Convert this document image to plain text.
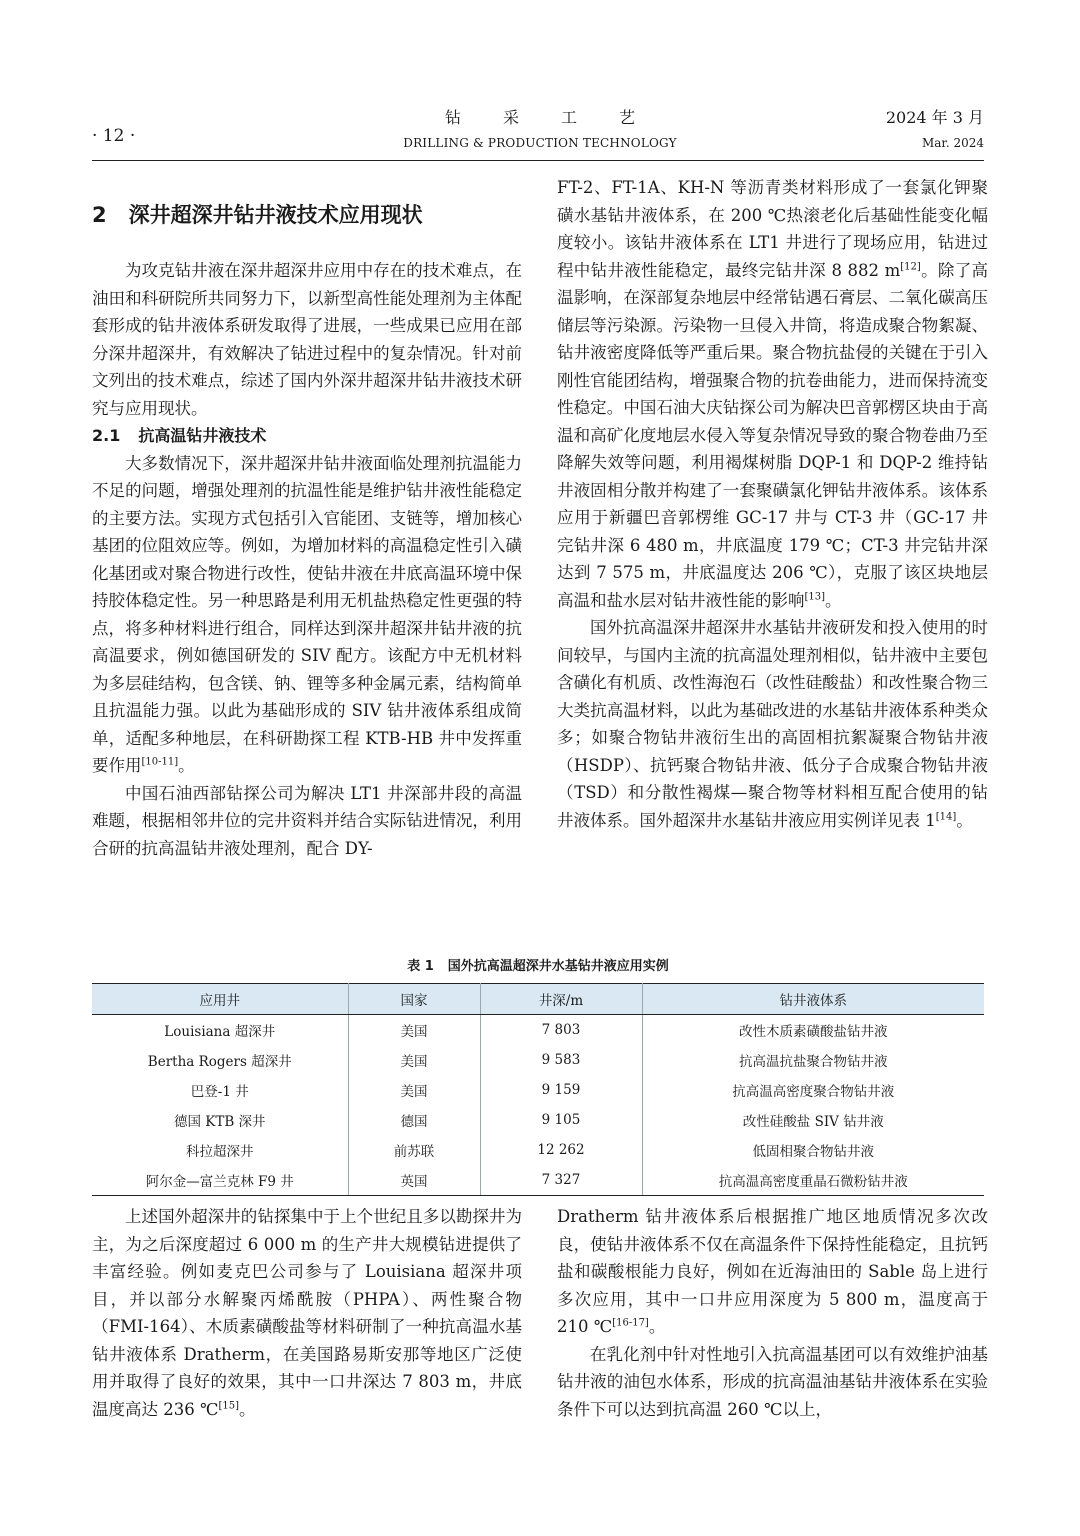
· 12 ·
钻采工艺
DRILLING & PRODUCTION TECHNOLOGY
2024 年 3 月
Mar. 2024
2 深井超深井钻井液技术应用现状

为攻克钻井液在深井超深井应用中存在的技术难点，在油田和科研院所共同努力下，以新型高性能处理剂为主体配套形成的钻井液体系研发取得了进展，一些成果已应用在部分深井超深井，有效解决了钻进过程中的复杂情况。针对前文列出的技术难点，综述了国内外深井超深井钻井液技术研究与应用现状。

2.1 抗高温钻井液技术

大多数情况下，深井超深井钻井液面临处理剂抗温能力不足的问题，增强处理剂的抗温性能是维护钻井液性能稳定的主要方法。实现方式包括引入官能团、支链等，增加核心基团的位阻效应等。例如，为增加材料的高温稳定性引入磺化基团或对聚合物进行改性，使钻井液在井底高温环境中保持胶体稳定性。另一种思路是利用无机盐热稳定性更强的特点，将多种材料进行组合，同样达到深井超深井钻井液的抗高温要求，例如德国研发的 SIV 配方。该配方中无机材料为多层硅结构，包含镁、钠、锂等多种金属元素，结构简单且抗温能力强。以此为基础形成的 SIV 钻井液体系组成简单，适配多种地层，在科研勘探工程 KTB-HB 井中发挥重要作用[10-11]。

中国石油西部钻探公司为解决 LT1 井深部井段的高温难题，根据相邻井位的完井资料并结合实际钻进情况，利用合研的抗高温钻井液处理剂，配合 DY-

FT-2、FT-1A、KH-N 等沥青类材料形成了一套氯化钾聚磺水基钻井液体系，在 200 ℃热滚老化后基础性能变化幅度较小。该钻井液体系在 LT1 井进行了现场应用，钻进过程中钻井液性能稳定，最终完钻井深 8 882 m[12]。除了高温影响，在深部复杂地层中经常钻遇石膏层、二氧化碳高压储层等污染源。污染物一旦侵入井筒，将造成聚合物絮凝、钻井液密度降低等严重后果。聚合物抗盐侵的关键在于引入刚性官能团结构，增强聚合物的抗卷曲能力，进而保持流变性稳定。中国石油大庆钻探公司为解决巴音郭楞区块由于高温和高矿化度地层水侵入等复杂情况导致的聚合物卷曲乃至降解失效等问题，利用褐煤树脂 DQP-1 和 DQP-2 维持钻井液固相分散并构建了一套聚磺氯化钾钻井液体系。该体系应用于新疆巴音郭楞维 GC-17 井与 CT-3 井（GC-17 井完钻井深 6 480 m，井底温度 179 ℃；CT-3 井完钻井深达到 7 575 m，井底温度达 206 ℃），克服了该区块地层高温和盐水层对钻井液性能的影响[13]。

国外抗高温深井超深井水基钻井液研发和投入使用的时间较早，与国内主流的抗高温处理剂相似，钻井液中主要包含磺化有机质、改性海泡石（改性硅酸盐）和改性聚合物三大类抗高温材料，以此为基础改进的水基钻井液体系种类众多；如聚合物钻井液衍生出的高固相抗絮凝聚合物钻井液（HSDP）、抗钙聚合物钻井液、低分子合成聚合物钻井液（TSD）和分散性褐煤—聚合物等材料相互配合使用的钻井液体系。国外超深井水基钻井液应用实例详见表 1[14]。

表 1 国外抗高温超深井水基钻井液应用实例
应用井	国家	井深/m	钻井液体系
Louisiana 超深井	美国	7 803	改性木质素磺酸盐钻井液
Bertha Rogers 超深井	美国	9 583	抗高温抗盐聚合物钻井液
巴登-1 井	美国	9 159	抗高温高密度聚合物钻井液
德国 KTB 深井	德国	9 105	改性硅酸盐 SIV 钻井液
科拉超深井	前苏联	12 262	低固相聚合物钻井液
阿尔金—富兰克林 F9 井	英国	7 327	抗高温高密度重晶石微粉钻井液

上述国外超深井的钻探集中于上个世纪且多以勘探井为主，为之后深度超过 6 000 m 的生产井大规模钻进提供了丰富经验。例如麦克巴公司参与了 Louisiana 超深井项目，并以部分水解聚丙烯酰胺（PHPA）、两性聚合物（FMI-164）、木质素磺酸盐等材料研制了一种抗高温水基钻井液体系 Dratherm，在美国路易斯安那等地区广泛使用并取得了良好的效果，其中一口井深达 7 803 m，井底温度高达 236 ℃[15]。

Dratherm 钻井液体系后根据推广地区地质情况多次改良，使钻井液体系不仅在高温条件下保持性能稳定，且抗钙盐和碳酸根能力良好，例如在近海油田的 Sable 岛上进行多次应用，其中一口井应用深度为 5 800 m，温度高于 210 ℃[16-17]。

在乳化剂中针对性地引入抗高温基团可以有效维护油基钻井液的油包水体系，形成的抗高温油基钻井液体系在实验条件下可以达到抗高温 260 ℃以上，
